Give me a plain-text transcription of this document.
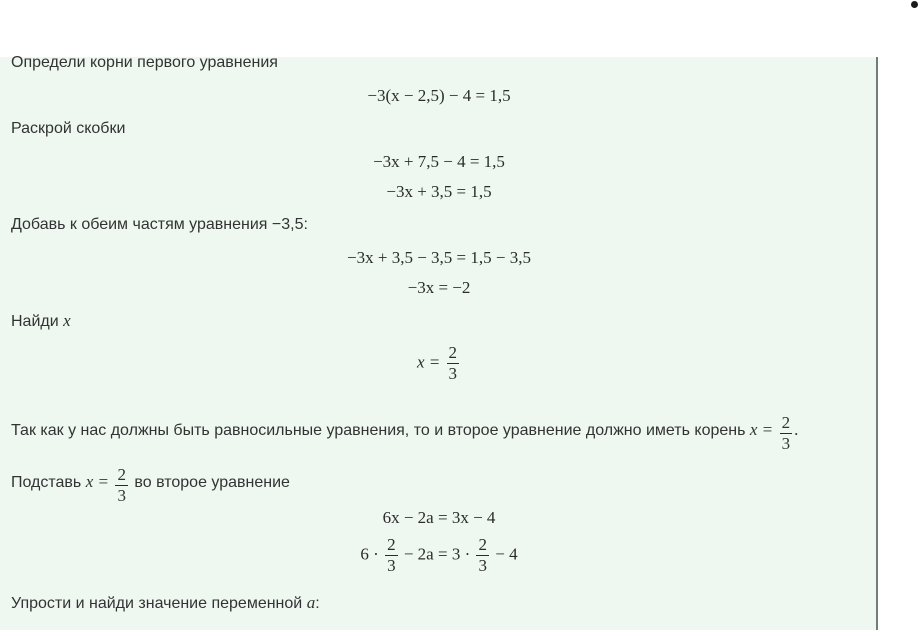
Определи корни первого уравнения
−3(x − 2,5) − 4 = 1,5
Раскрой скобки
−3x + 7,5 − 4 = 1,5
−3x + 3,5 = 1,5
Добавь к обеим частям уравнения −3,5:
−3x + 3,5 − 3,5 = 1,5 − 3,5
−3x = −2
Найди x
$x = \frac{2}{3}$
Так как у нас должны быть равносильные уравнения, то и второе уравнение должно иметь корень $x = \frac{2}{3}$ .
Подставь $x = \frac{2}{3}$ во второе уравнение
6x − 2a = 3x − 4
$6 \cdot \frac{2}{3} - 2a = 3 \cdot \frac{2}{3} - 4$
Упрости и найди значение переменной a:
